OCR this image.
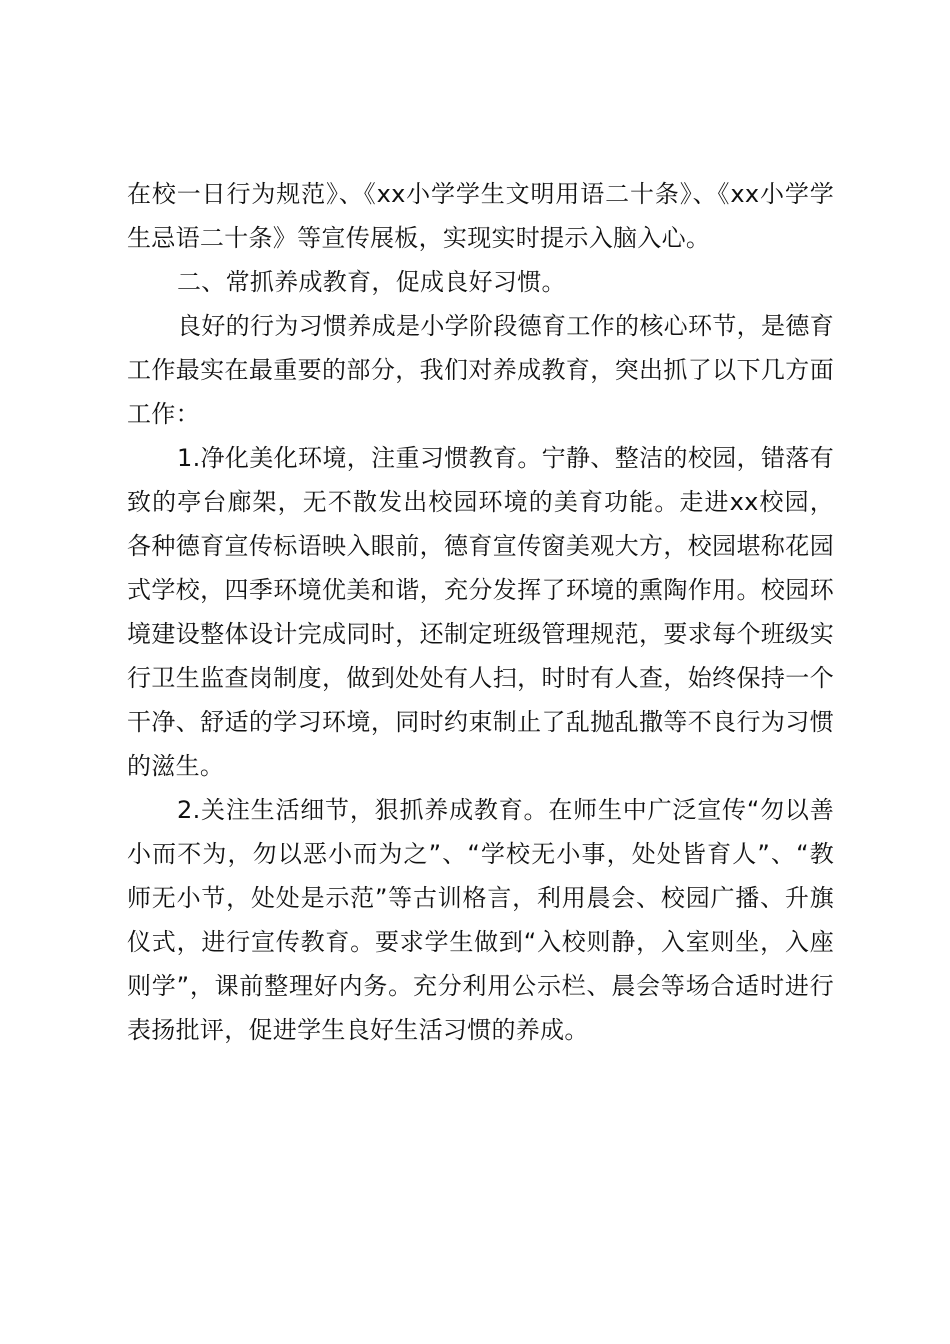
在校一日行为规范》、《xx小学学生文明用语二十条》、《xx小学学生忌语二十条》等宣传展板，实现实时提示入脑入心。

二、常抓养成教育，促成良好习惯。

良好的行为习惯养成是小学阶段德育工作的核心环节，是德育工作最实在最重要的部分，我们对养成教育，突出抓了以下几方面工作：

1.净化美化环境，注重习惯教育。宁静、整洁的校园，错落有致的亭台廊架，无不散发出校园环境的美育功能。走进xx校园，各种德育宣传标语映入眼前，德育宣传窗美观大方，校园堪称花园式学校，四季环境优美和谐，充分发挥了环境的熏陶作用。校园环境建设整体设计完成同时，还制定班级管理规范，要求每个班级实行卫生监查岗制度，做到处处有人扫，时时有人查，始终保持一个干净、舒适的学习环境，同时约束制止了乱抛乱撒等不良行为习惯的滋生。

2.关注生活细节，狠抓养成教育。在师生中广泛宣传“勿以善小而不为，勿以恶小而为之”、“学校无小事，处处皆育人”、“教师无小节，处处是示范”等古训格言，利用晨会、校园广播、升旗仪式，进行宣传教育。要求学生做到“入校则静，入室则坐，入座则学”，课前整理好内务。充分利用公示栏、晨会等场合适时进行表扬批评，促进学生良好生活习惯的养成。
